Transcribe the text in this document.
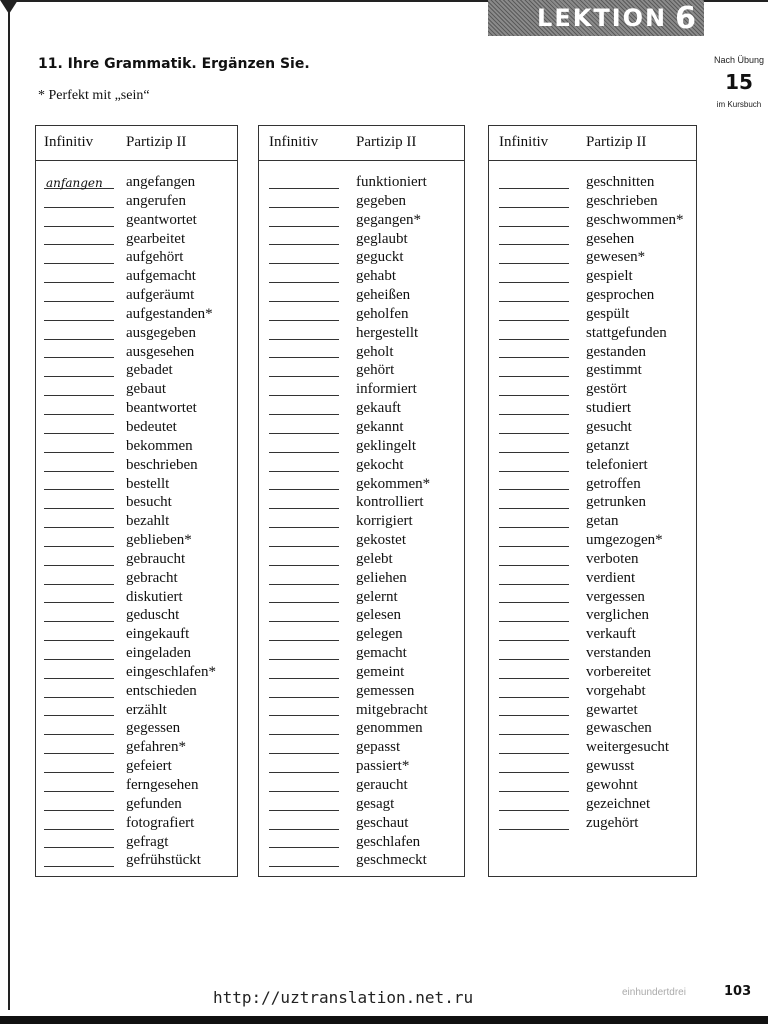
LEKTION 6
Nach Übung
15
im Kursbuch
11. Ihre Grammatik. Ergänzen Sie.
* Perfekt mit „sein“
Infinitiv Partizip II
anfangen angefangen
angerufen
geantwortet
gearbeitet
aufgehört
aufgemacht
aufgeräumt
aufgestanden*
ausgegeben
ausgesehen
gebadet
gebaut
beantwortet
bedeutet
bekommen
beschrieben
bestellt
besucht
bezahlt
geblieben*
gebraucht
gebracht
diskutiert
geduscht
eingekauft
eingeladen
eingeschlafen*
entschieden
erzählt
gegessen
gefahren*
gefeiert
ferngesehen
gefunden
fotografiert
gefragt
gefrühstückt
Infinitiv	Partizip II
funktioniert
gegeben
gegangen*
geglaubt
geguckt
gehabt
geheißen
geholfen
hergestellt
geholt
gehört
informiert
gekauft
gekannt
geklingelt
gekocht
gekommen*
kontrolliert
korrigiert
gekostet
gelebt
geliehen
gelernt
gelesen
gelegen
gemacht
gemeint
gemessen
mitgebracht
genommen
gepasst
passiert*
geraucht
gesagt
geschaut
geschlafen
geschmeckt
Infinitiv	Partizip II
geschnitten
geschrieben
geschwommen*
gesehen
gewesen*
gespielt
gesprochen
gespült
stattgefunden
gestanden
gestimmt
gestört
studiert
gesucht
getanzt
telefoniert
getroffen
getrunken
getan
umgezogen*
verboten
verdient
vergessen
verglichen
verkauft
verstanden
vorbereitet
vorgehabt
gewartet
gewaschen
weitergesucht
gewusst
gewohnt
gezeichnet
zugehört
http://uztranslation.net.ru	einhundertdrei	103
